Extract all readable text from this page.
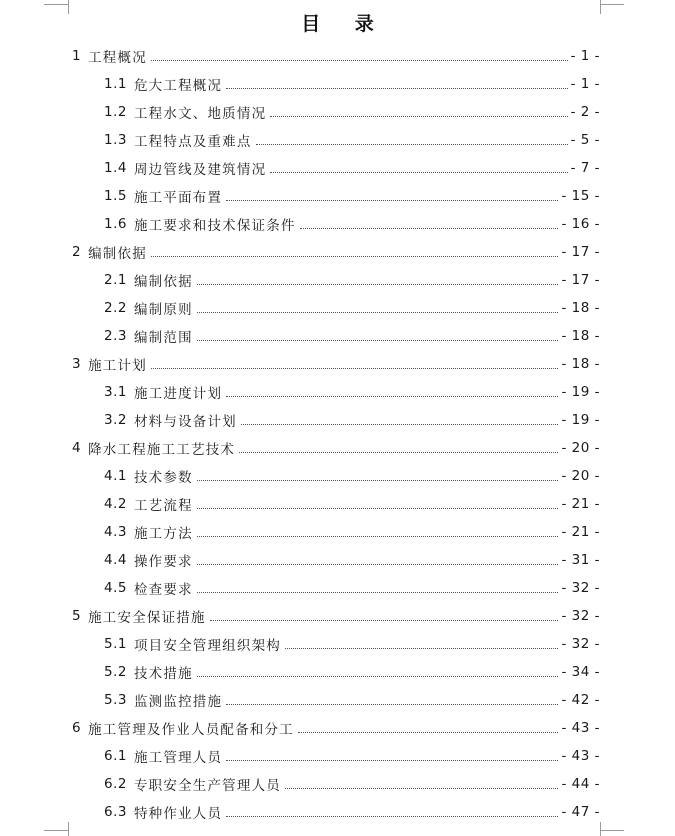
目 录
1 工程概况	- 1 -
1.1 危大工程概况	- 1 -
1.2 工程水文、地质情况	- 2 -
1.3 工程特点及重难点	- 5 -
1.4 周边管线及建筑情况	- 7 -
1.5 施工平面布置	- 15 -
1.6 施工要求和技术保证条件	- 16 -
2 编制依据	- 17 -
2.1 编制依据	- 17 -
2.2 编制原则	- 18 -
2.3 编制范围	- 18 -
3 施工计划	- 18 -
3.1 施工进度计划	- 19 -
3.2 材料与设备计划	- 19 -
4 降水工程施工工艺技术	- 20 -
4.1 技术参数	- 20 -
4.2 工艺流程	- 21 -
4.3 施工方法	- 21 -
4.4 操作要求	- 31 -
4.5 检查要求	- 32 -
5 施工安全保证措施	- 32 -
5.1 项目安全管理组织架构	- 32 -
5.2 技术措施	- 34 -
5.3 监测监控措施	- 42 -
6 施工管理及作业人员配备和分工	- 43 -
6.1 施工管理人员	- 43 -
6.2 专职安全生产管理人员	- 44 -
6.3 特种作业人员	- 47 -
